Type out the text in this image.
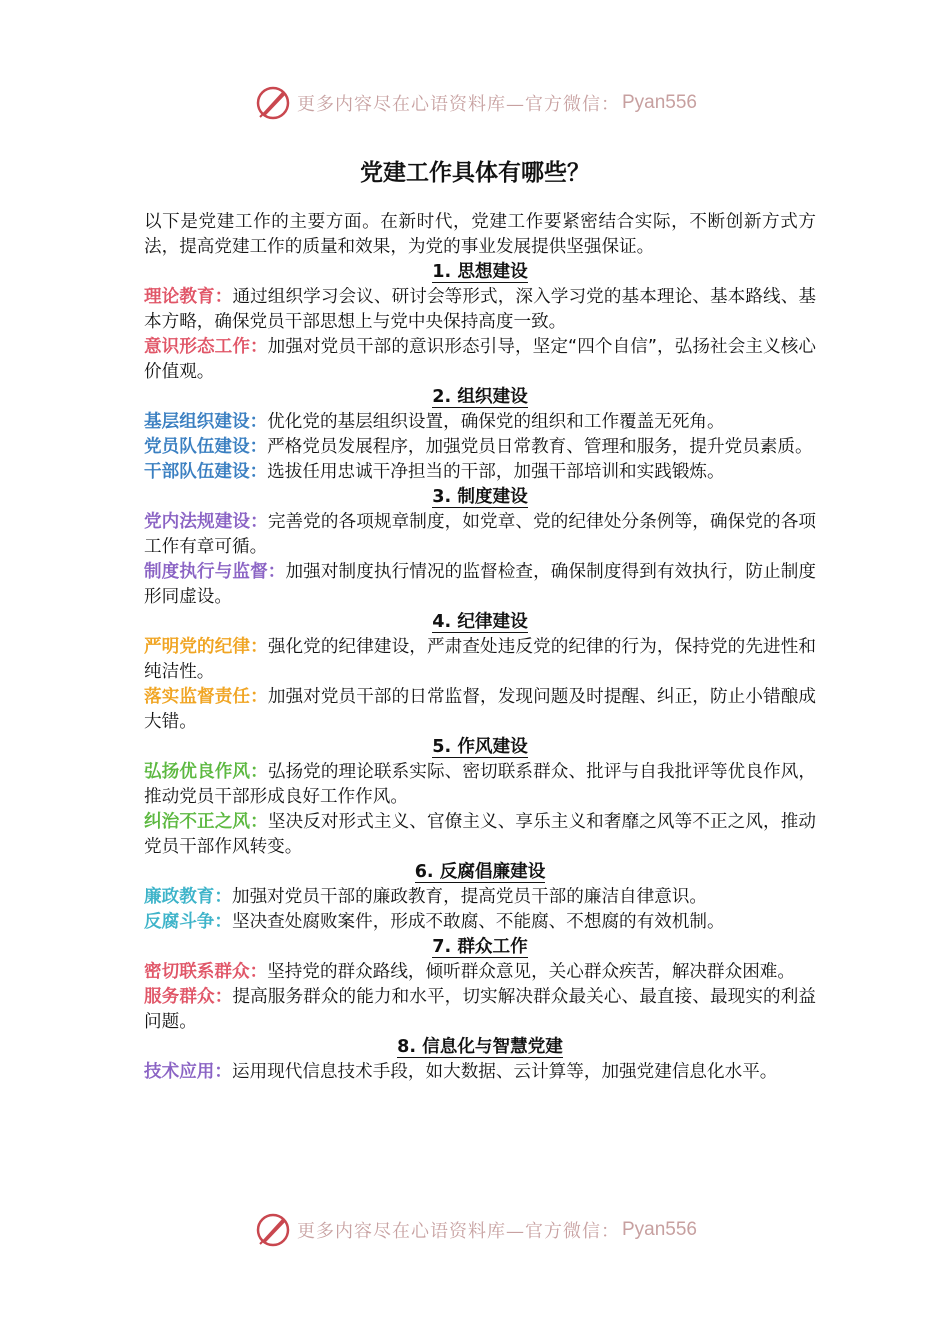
更多内容尽在心语资料库—官方微信： Pyan556
党建工作具体有哪些？

以下是党建工作的主要方面。在新时代，党建工作要紧密结合实际，不断创新方式方法，提高党建工作的质量和效果，为党的事业发展提供坚强保证。

1. 思想建设

理论教育：通过组织学习会议、研讨会等形式，深入学习党的基本理论、基本路线、基本方略，确保党员干部思想上与党中央保持高度一致。

意识形态工作：加强对党员干部的意识形态引导，坚定“四个自信”，弘扬社会主义核心价值观。

2. 组织建设

基层组织建设：优化党的基层组织设置，确保党的组织和工作覆盖无死角。

党员队伍建设：严格党员发展程序，加强党员日常教育、管理和服务，提升党员素质。

干部队伍建设：选拔任用忠诚干净担当的干部，加强干部培训和实践锻炼。

3. 制度建设

党内法规建设：完善党的各项规章制度，如党章、党的纪律处分条例等，确保党的各项工作有章可循。

制度执行与监督：加强对制度执行情况的监督检查，确保制度得到有效执行，防止制度形同虚设。

4. 纪律建设

严明党的纪律：强化党的纪律建设，严肃查处违反党的纪律的行为，保持党的先进性和纯洁性。

落实监督责任：加强对党员干部的日常监督，发现问题及时提醒、纠正，防止小错酿成大错。

5. 作风建设

弘扬优良作风：弘扬党的理论联系实际、密切联系群众、批评与自我批评等优良作风，推动党员干部形成良好工作作风。

纠治不正之风：坚决反对形式主义、官僚主义、享乐主义和奢靡之风等不正之风，推动党员干部作风转变。

6. 反腐倡廉建设

廉政教育：加强对党员干部的廉政教育，提高党员干部的廉洁自律意识。

反腐斗争：坚决查处腐败案件，形成不敢腐、不能腐、不想腐的有效机制。

7. 群众工作

密切联系群众：坚持党的群众路线，倾听群众意见，关心群众疾苦，解决群众困难。

服务群众：提高服务群众的能力和水平，切实解决群众最关心、最直接、最现实的利益问题。

8. 信息化与智慧党建

技术应用：运用现代信息技术手段，如大数据、云计算等，加强党建信息化水平。

更多内容尽在心语资料库—官方微信： Pyan556
